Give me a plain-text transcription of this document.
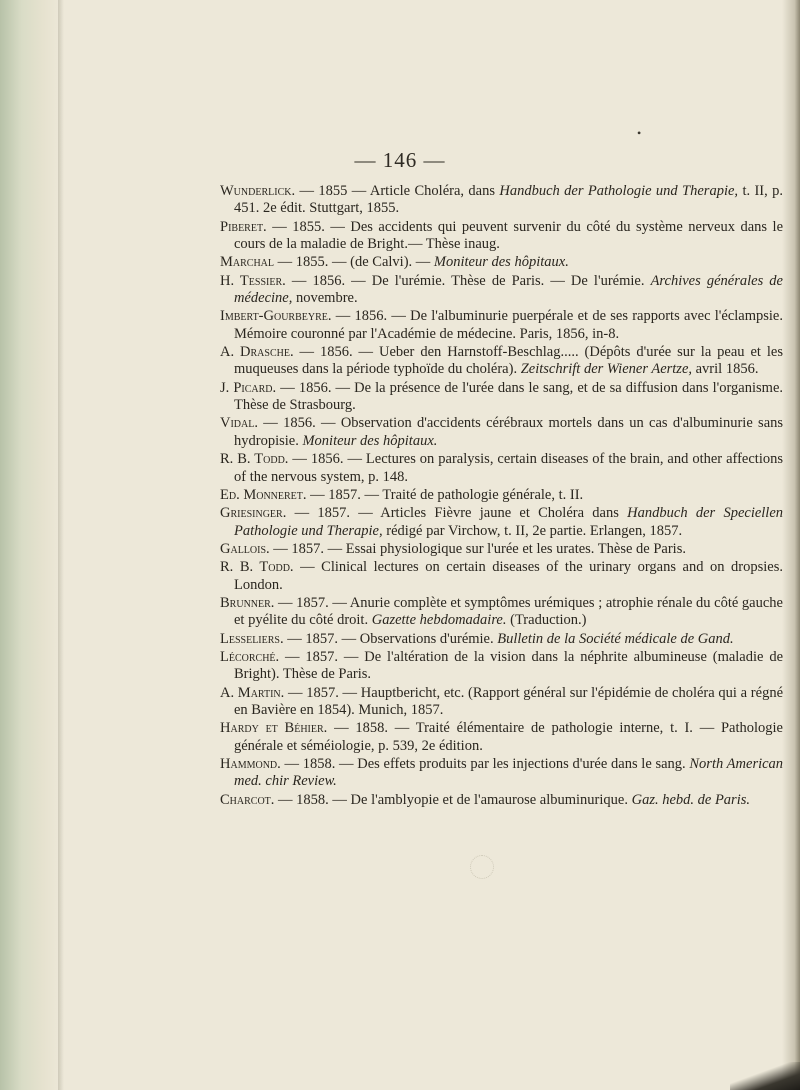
•
— 146 —
Wunderlick. — 1855 — Article Choléra, dans Handbuch der Pathologie und Therapie, t. II, p. 451. 2e édit. Stuttgart, 1855.
Piberet. — 1855. — Des accidents qui peuvent survenir du côté du système nerveux dans le cours de la maladie de Bright.— Thèse inaug.
Marchal — 1855. — (de Calvi). — Moniteur des hôpitaux.
H. Tessier. — 1856. — De l'urémie. Thèse de Paris. — De l'urémie. Archives générales de médecine, novembre.
Imbert-Gourbeyre. — 1856. — De l'albuminurie puerpérale et de ses rapports avec l'éclampsie. Mémoire couronné par l'Académie de médecine. Paris, 1856, in-8.
A. Drasche. — 1856. — Ueber den Harnstoff-Beschlag..... (Dépôts d'urée sur la peau et les muqueuses dans la période typhoïde du choléra). Zeitschrift der Wiener Aertze, avril 1856.
J. Picard. — 1856. — De la présence de l'urée dans le sang, et de sa diffusion dans l'organisme. Thèse de Strasbourg.
Vidal. — 1856. — Observation d'accidents cérébraux mortels dans un cas d'albuminurie sans hydropisie. Moniteur des hôpitaux.
R. B. Todd. — 1856. — Lectures on paralysis, certain diseases of the brain, and other affections of the nervous system, p. 148.
Ed. Monneret. — 1857. — Traité de pathologie générale, t. II.
Griesinger. — 1857. — Articles Fièvre jaune et Choléra dans Handbuch der Speciellen Pathologie und Therapie, rédigé par Virchow, t. II, 2e partie. Erlangen, 1857.
Gallois. — 1857. — Essai physiologique sur l'urée et les urates. Thèse de Paris.
R. B. Todd. — Clinical lectures on certain diseases of the urinary organs and on dropsies. London.
Brunner. — 1857. — Anurie complète et symptômes urémiques ; atrophie rénale du côté gauche et pyélite du côté droit. Gazette hebdomadaire. (Traduction.)
Lesseliers. — 1857. — Observations d'urémie. Bulletin de la Société médicale de Gand.
Lécorché. — 1857. — De l'altération de la vision dans la néphrite albumineuse (maladie de Bright). Thèse de Paris.
A. Martin. — 1857. — Hauptbericht, etc. (Rapport général sur l'épidémie de choléra qui a régné en Bavière en 1854). Munich, 1857.
Hardy et Béhier. — 1858. — Traité élémentaire de pathologie interne, t. I. — Pathologie générale et séméiologie, p. 539, 2e édition.
Hammond. — 1858. — Des effets produits par les injections d'urée dans le sang. North American med. chir Review.
Charcot. — 1858. — De l'amblyopie et de l'amaurose albuminurique. Gaz. hebd. de Paris.
